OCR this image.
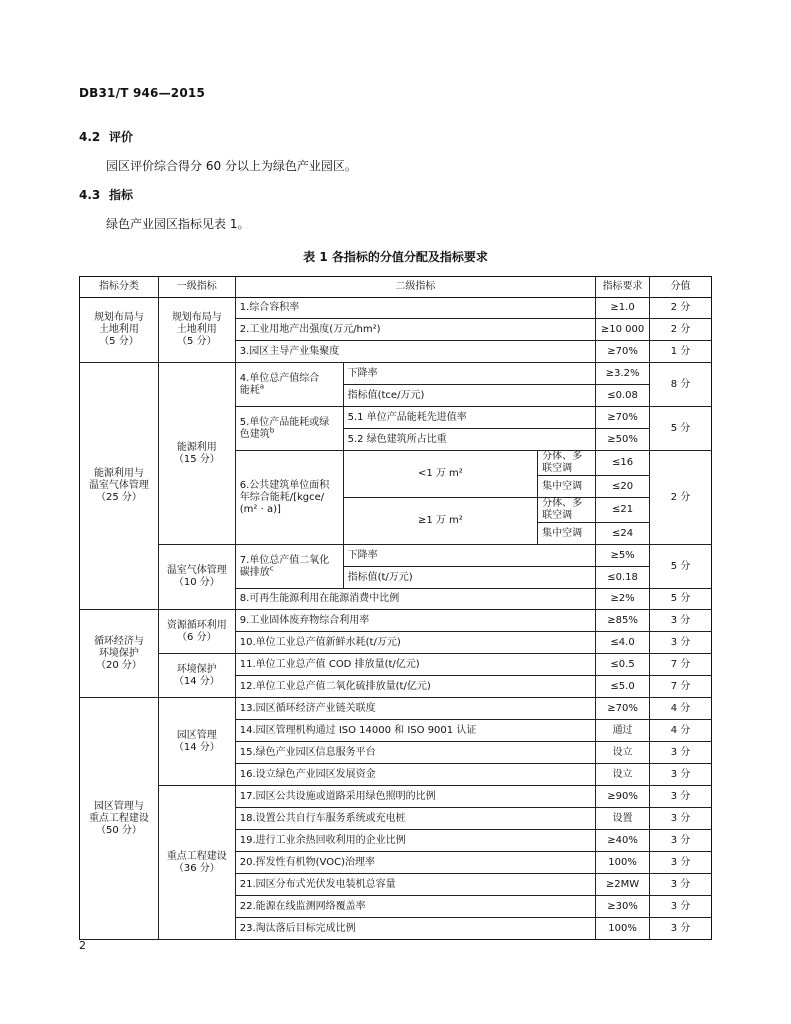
DB31/T 946—2015
4.2 评价
园区评价综合得分 60 分以上为绿色产业园区。
4.3 指标
绿色产业园区指标见表 1。
表 1 各指标的分值分配及指标要求
指标分类	一级指标	二级指标			指标要求	分值

规划布局与
土地利用
（5 分）	规划布局与
土地利用
（5 分）	1.综合容积率			≥1.0	2 分
		2.工业用地产出强度(万元/hm²)			≥10 000	2 分
		3.园区主导产业集聚度			≥70%	1 分

能源利用与
温室气体管理
（25 分）	能源利用
（15 分）	4.单位总产值综合
能耗$^a$	下降率		≥3.2%	8 分
			指标值(tce/万元)		≤0.08	

		5.单位产品能耗或绿
色建筑$^b$	5.1 单位产品能耗先进值率		≥70%	5 分
			5.2 绿色建筑所占比重		≥50%	

		6.公共建筑单位面积
年综合能耗/[kgce/
(m² · a)]	<1 万 m²	分体、多联空调	≤16	2 分
				集中空调	≤20	
			≥1 万 m²	分体、多联空调	≤21	
				集中空调	≤24	

	温室气体管理
（10 分）	7.单位总产值二氧化
碳排放$^c$	下降率		≥5%	5 分
			指标值(t/万元)		≤0.18	
		8.可再生能源利用在能源消费中比例			≥2%	5 分

循环经济与
环境保护
（20 分）	资源循环利用
（6 分）	9.工业固体废弃物综合利用率			≥85%	3 分
		10.单位工业总产值新鲜水耗(t/万元)			≤4.0	3 分

	环境保护
（14 分）	11.单位工业总产值 COD 排放量(t/亿元)			≤0.5	7 分
		12.单位工业总产值二氧化硫排放量(t/亿元)			≤5.0	7 分

园区管理与
重点工程建设
（50 分）	园区管理
（14 分）	13.园区循环经济产业链关联度			≥70%	4 分
		14.园区管理机构通过 ISO 14000 和 ISO 9001 认证			通过	4 分
		15.绿色产业园区信息服务平台			设立	3 分
		16.设立绿色产业园区发展资金			设立	3 分

	重点工程建设
（36 分）	17.园区公共设施或道路采用绿色照明的比例			≥90%	3 分
		18.设置公共自行车服务系统或充电桩			设置	3 分
		19.进行工业余热回收利用的企业比例			≥40%	3 分
		20.挥发性有机物(VOC)治理率			100%	3 分
		21.园区分布式光伏发电装机总容量			≥2MW	3 分
		22.能源在线监测网络覆盖率			≥30%	3 分
		23.淘汰落后目标完成比例			100%	3 分
2
